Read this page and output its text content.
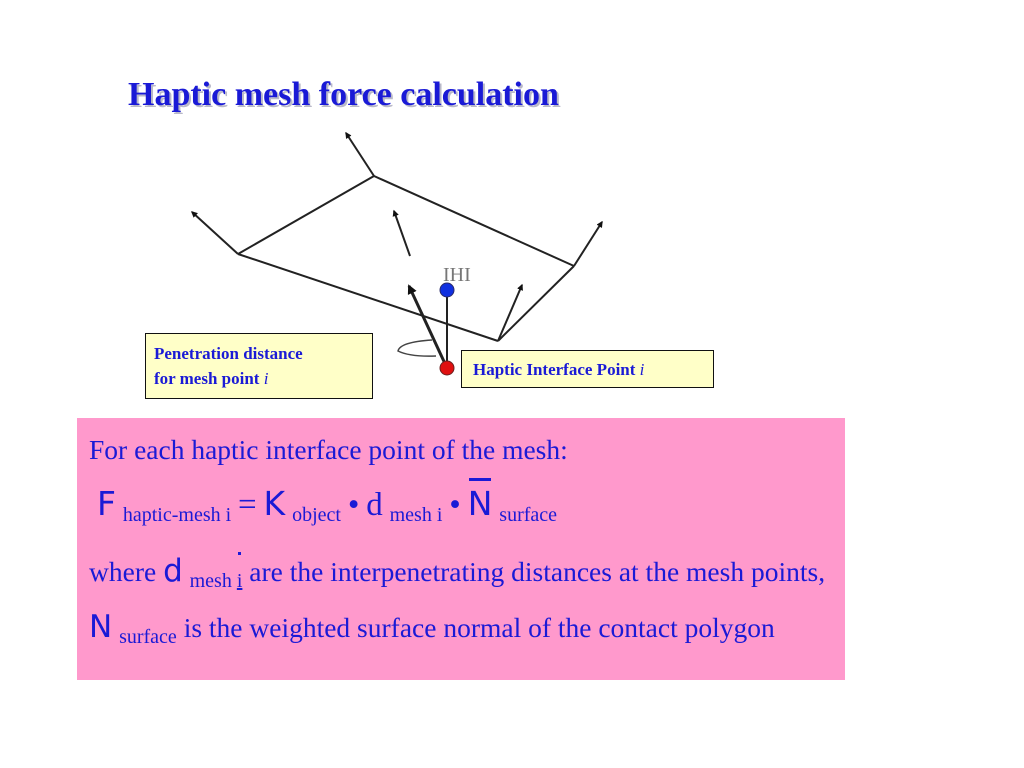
Haptic mesh force calculation
IHI
Penetration distance
for mesh point i	Haptic Interface Point i
For each haptic interface point of the mesh:
F $_{haptic-mesh i}$ = K $_{object}$ • d $_{mesh i}$ • N $_{surface}$
where d $_{mesh i}$ are the interpenetrating distances at the mesh points, N $_{surface}$ is the weighted surface normal of the contact polygon
